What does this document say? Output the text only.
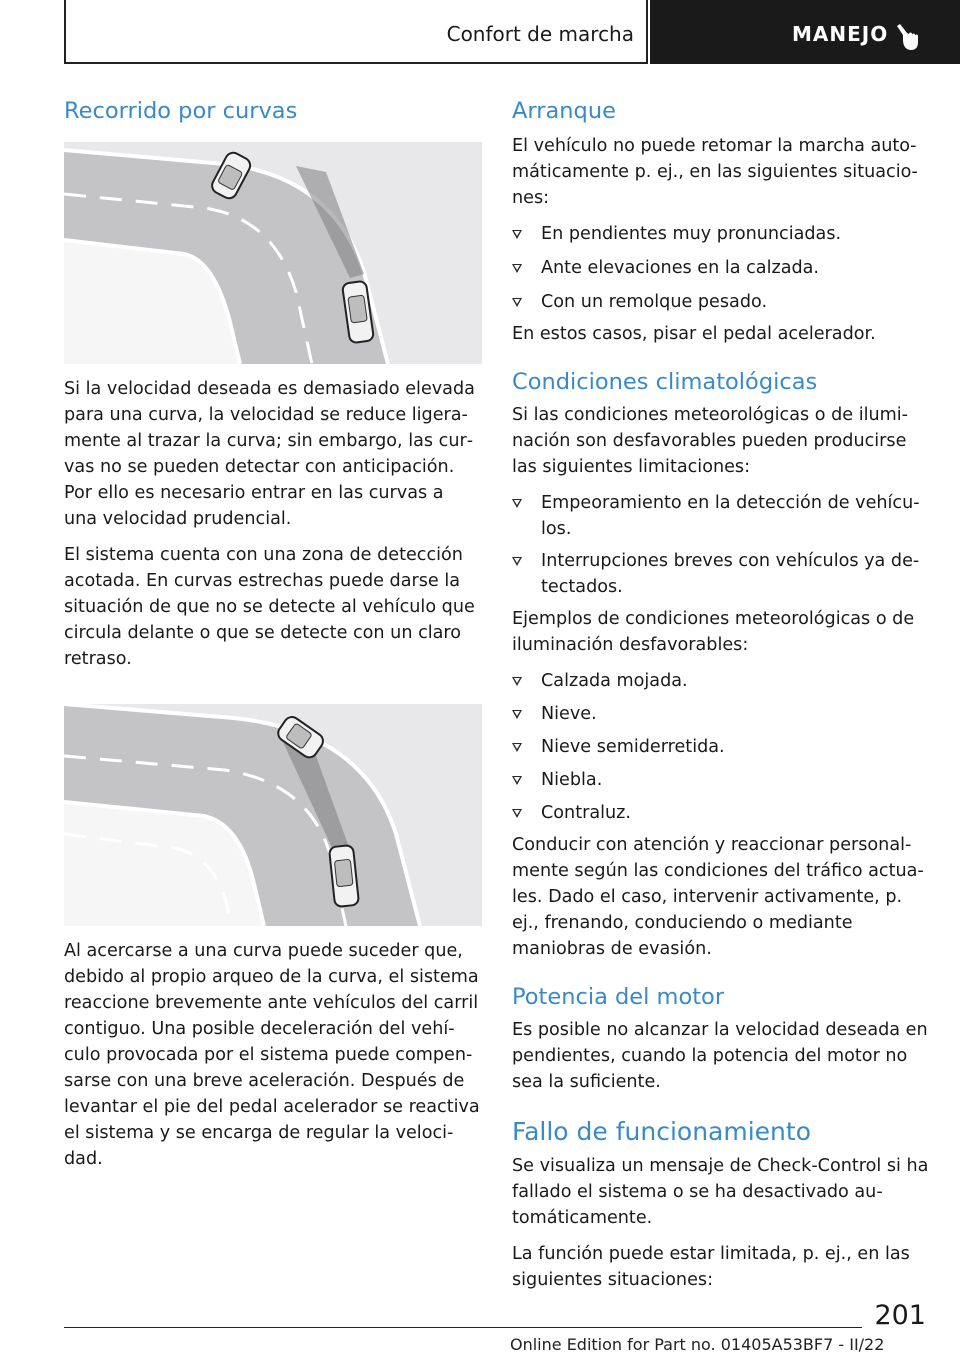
Confort de marcha	MANEJO
Recorrido por curvas

Si la velocidad deseada es demasiado elevada para una curva, la velocidad se reduce ligera‐ mente al trazar la curva; sin embargo, las cur‐ vas no se pueden detectar con anticipación. Por ello es necesario entrar en las curvas a una velocidad prudencial.

El sistema cuenta con una zona de detección acotada. En curvas estrechas puede darse la situación de que no se detecte al vehículo que circula delante o que se detecte con un claro retraso.

Al acercarse a una curva puede suceder que, debido al propio arqueo de la curva, el sistema reaccione brevemente ante vehículos del carril contiguo. Una posible deceleración del vehí‐ culo provocada por el sistema puede compen‐ sarse con una breve aceleración. Después de levantar el pie del pedal acelerador se reactiva el sistema y se encarga de regular la veloci‐ dad.

Arranque

El vehículo no puede retomar la marcha auto‐ máticamente p. ej., en las siguientes situacio‐ nes:

En pendientes muy pronunciadas.
Ante elevaciones en la calzada.
Con un remolque pesado.

En estos casos, pisar el pedal acelerador.

Condiciones climatológicas

Si las condiciones meteorológicas o de ilumi‐ nación son desfavorables pueden producirse las siguientes limitaciones:

Empeoramiento en la detección de vehícu‐ los.
Interrupciones breves con vehículos ya de‐ tectados.

Ejemplos de condiciones meteorológicas o de iluminación desfavorables:

Calzada mojada.
Nieve.
Nieve semiderretida.
Niebla.
Contraluz.

Conducir con atención y reaccionar personal‐ mente según las condiciones del tráfico actua‐ les. Dado el caso, intervenir activamente, p. ej., frenando, conduciendo o mediante maniobras de evasión.

Potencia del motor

Es posible no alcanzar la velocidad deseada en pendientes, cuando la potencia del motor no sea la suficiente.

Fallo de funcionamiento

Se visualiza un mensaje de Check-Control si ha fallado el sistema o se ha desactivado au‐ tomáticamente.

La función puede estar limitada, p. ej., en las siguientes situaciones:

201
Online Edition for Part no. 01405A53BF7 - II/22
